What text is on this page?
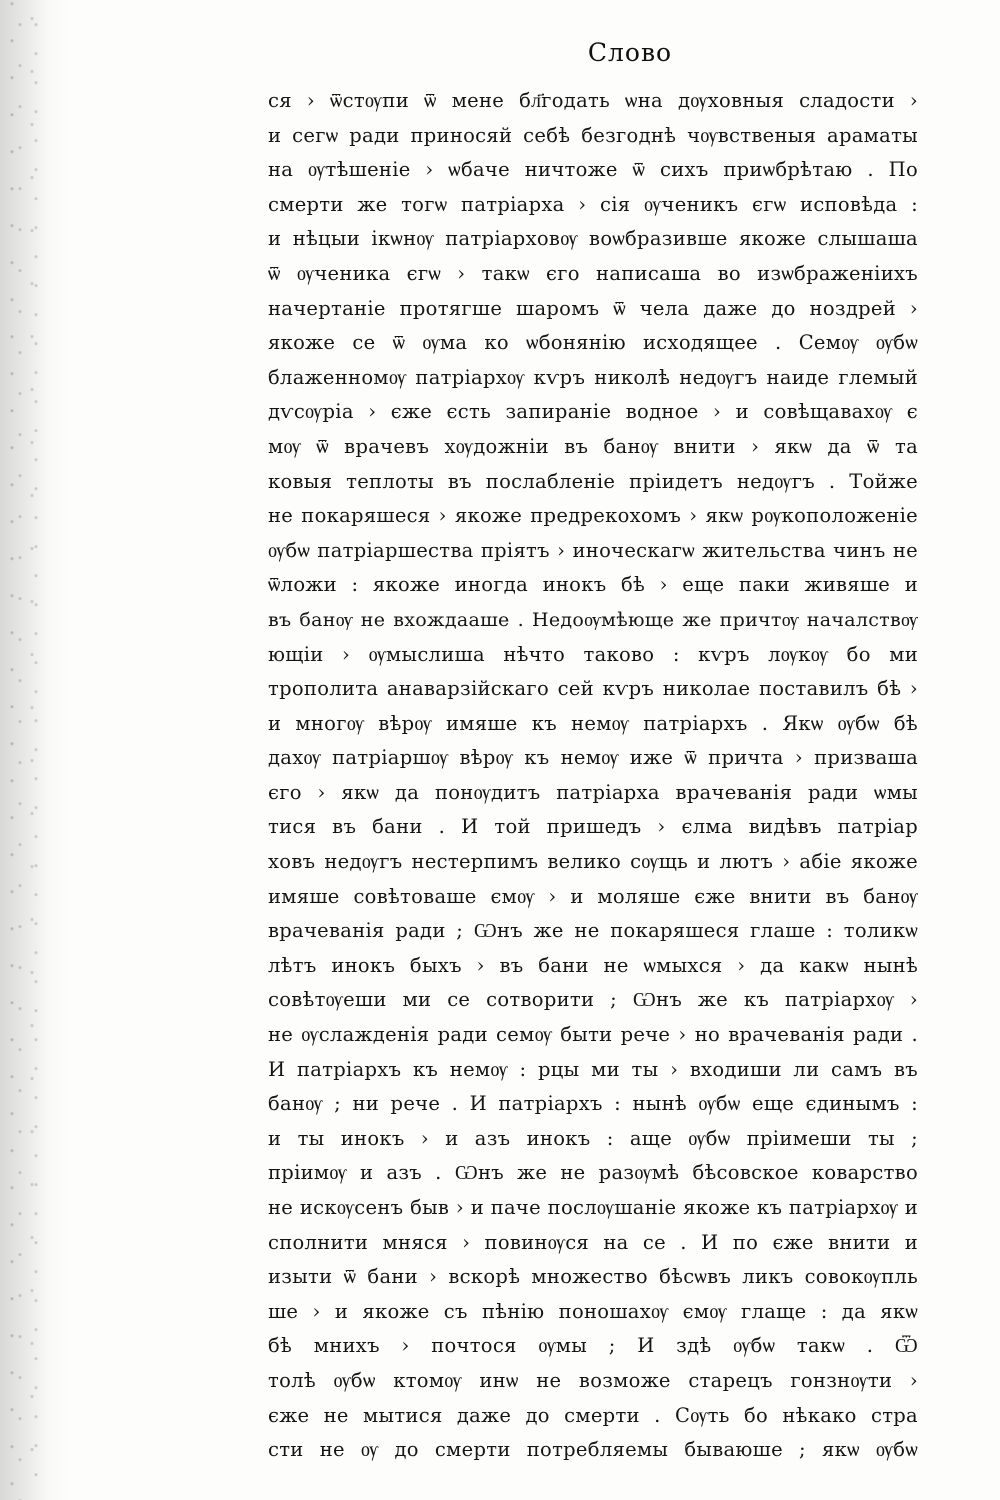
Слово
ся › ѿстѹпи ѿ мене бл҃годать ѡна дѹховныя сладости ›
и сегѡ ради приносяй себѣ безгоднѣ чѹвственыя араматы
на ѹтѣшеніе › ѡбаче ничтоже ѿ сихъ приѡбрѣтаю . По
смерти же тогѡ патріарха › сія ѹченикъ єгѡ исповѣда :
и нѣцыи ікѡнѹ патріарховѹ воѡбразивше якоже слышаша
ѿ ѹченика єгѡ › такѡ єго написаша во изѡбраженіихъ
начертаніе протягше шаромъ ѿ чела даже до ноздрей ›
якоже се ѿ ѹма ко ѡбонянію исходящее . Семѹ ѹбѡ
блаженномѹ патріархѹ кѵръ николѣ недѹгъ наиде глемый
дѵсѹріа › єже єсть запираніе водное › и совѣщавахѹ є
мѹ ѿ врачевъ хѹдожніи въ банѹ внити › якѡ да ѿ та
ковыя теплоты въ послабленіе пріидетъ недѹгъ . Тойже
не покаряшеся › якоже предрекохомъ › якѡ рѹкоположеніе
ѹбѡ патріаршества пріятъ › иноческагѡ жительства чинъ не
ѿложи : якоже иногда инокъ бѣ › еще паки живяше и
въ банѹ не вхождааше . Недоѹмѣюще же причтѹ началствѹ
ющіи › ѹмыслиша нѣчто таково : кѵръ лѹкѹ бо ми
трополита анаварзійскаго сей кѵръ николае поставилъ бѣ ›
и многѹ вѣрѹ имяше къ немѹ патріархъ . Якѡ ѹбѡ бѣ
дахѹ патріаршѹ вѣрѹ къ немѹ иже ѿ причта › призваша
єго › якѡ да понѹдитъ патріарха врачеванія ради ѡмы
тися въ бани . И той пришедъ › єлма видѣвъ патріар
ховъ недѹгъ нестерпимъ велико сѹщь и лютъ › абіе якоже
имяше совѣтоваше ємѹ › и моляше єже внити въ банѹ
врачеванія ради ; Ѡнъ же не покаряшеся глаше : толикѡ
лѣтъ инокъ быхъ › въ бани не ѡмыхся › да какѡ нынѣ
совѣтѹеши ми се сотворити ; Ѡнъ же къ патріархѹ ›
не ѹслажденія ради семѹ быти рече › но врачеванія ради .
И патріархъ къ немѹ : рцы ми ты › входиши ли самъ въ
банѹ ; ни рече . И патріархъ : нынѣ ѹбѡ еще єдинымъ :
и ты инокъ › и азъ инокъ : аще ѹбѡ пріимеши ты ;
пріимѹ и азъ . Ѡнъ же не разѹмѣ бѣсовское коварство
не искѹсенъ быв › и паче послѹшаніе якоже къ патріархѹ и
сполнити мняся › повинѹся на се . И по єже внити и
изыти ѿ бани › вскорѣ множество бѣсѡвъ ликъ совокѹпль
ше › и якоже съ пѣнію поношахѹ ємѹ глаще : да якѡ
бѣ мнихъ › почтося ѹмы ; И здѣ ѹбѡ такѡ . Ѿ
толѣ ѹбѡ ктомѹ инѡ не возможе старецъ гонзнѹти ›
єже не мытися даже до смерти . Сѹть бо нѣкако стра
сти не ѹ до смерти потребляемы бываюше ; якѡ ѹбѡ
